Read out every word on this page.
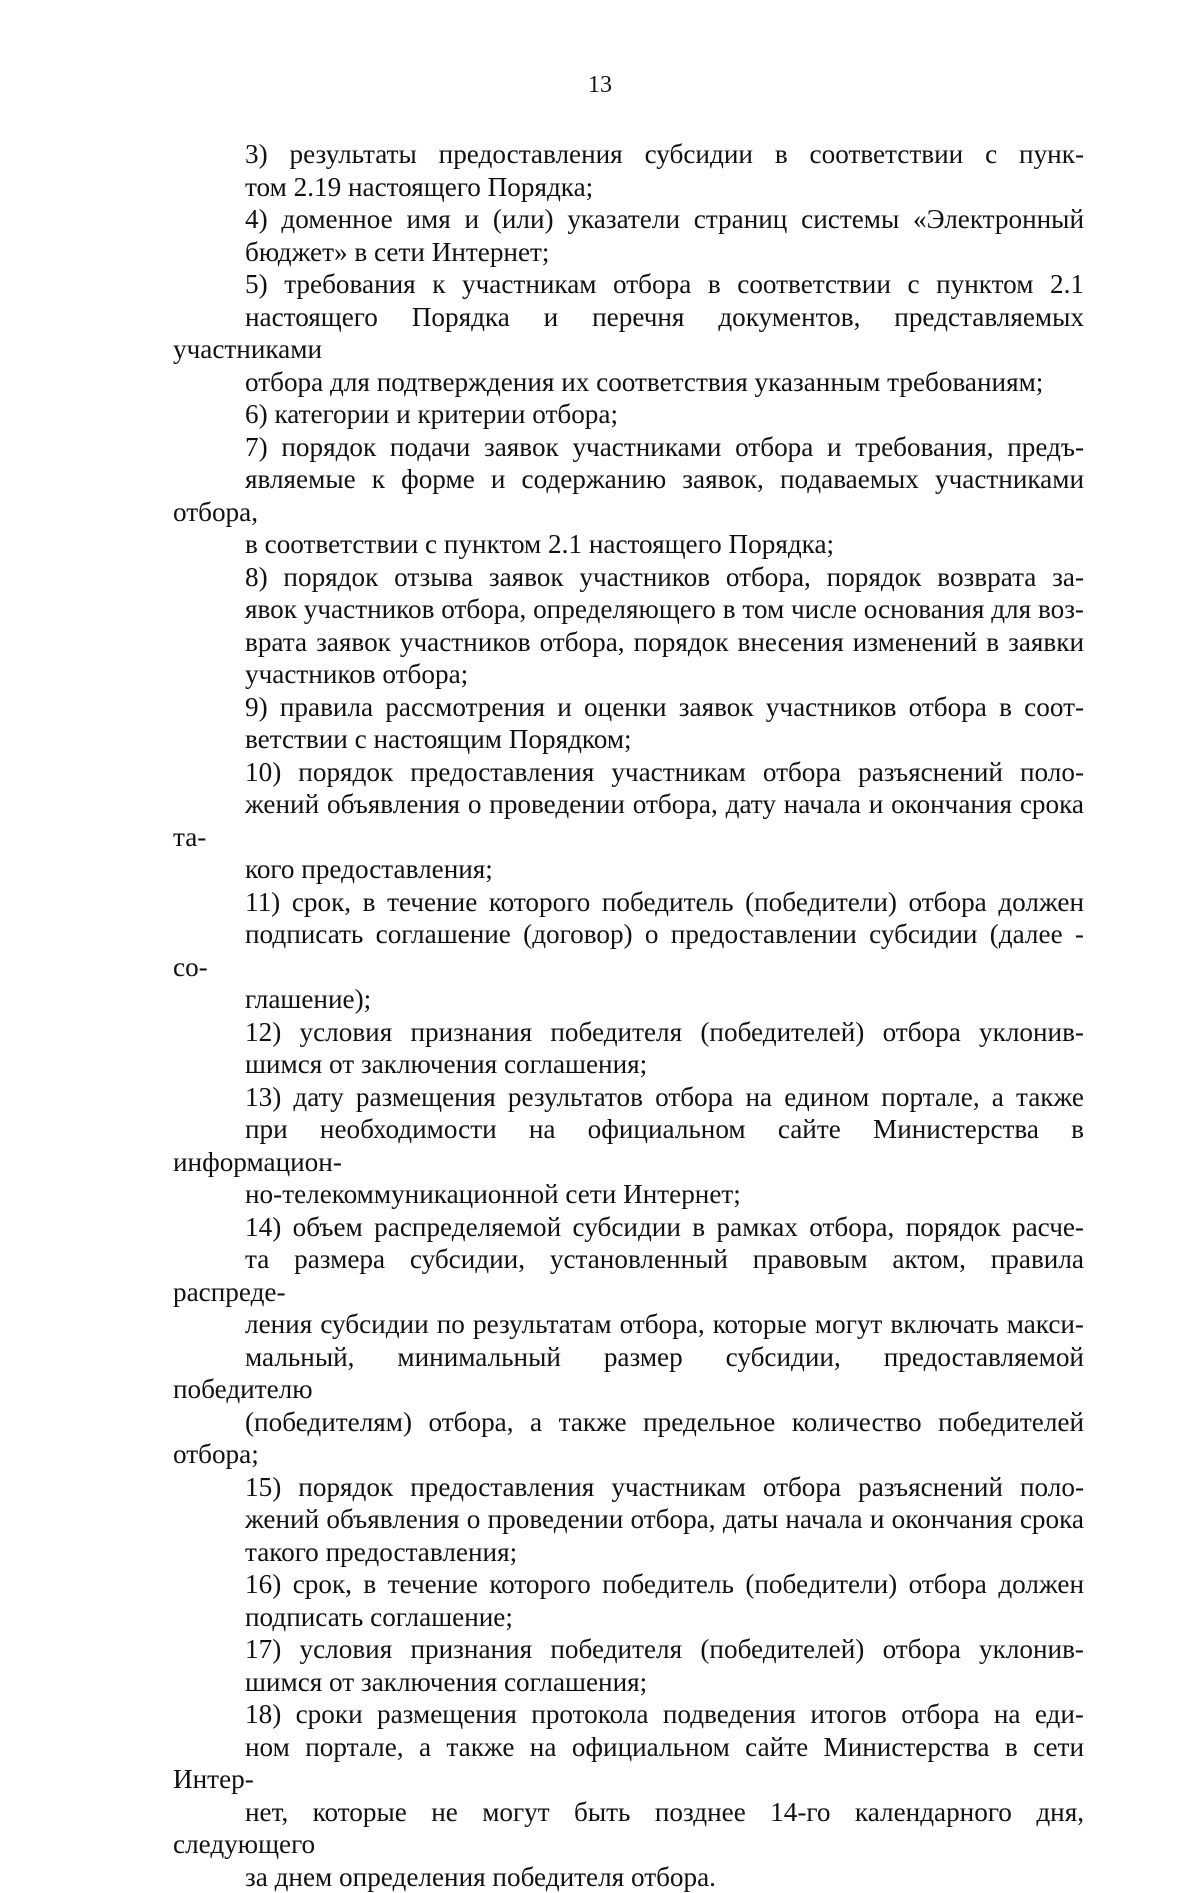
13

3) результаты предоставления субсидии в соответствии с пунк-
том 2.19 настоящего Порядка;

4) доменное имя и (или) указатели страниц системы «Электронный
бюджет» в сети Интернет;

5) требования к участникам отбора в соответствии с пунктом 2.1
настоящего Порядка и перечня документов, представляемых участниками
отбора для подтверждения их соответствия указанным требованиям;

6) категории и критерии отбора;

7) порядок подачи заявок участниками отбора и требования, предъ-
являемые к форме и содержанию заявок, подаваемых участниками отбора,
в соответствии с пунктом 2.1 настоящего Порядка;

8) порядок отзыва заявок участников отбора, порядок возврата за-
явок участников отбора, определяющего в том числе основания для воз-
врата заявок участников отбора, порядок внесения изменений в заявки
участников отбора;

9) правила рассмотрения и оценки заявок участников отбора в соот-
ветствии с настоящим Порядком;

10) порядок предоставления участникам отбора разъяснений поло-
жений объявления о проведении отбора, дату начала и окончания срока та-
кого предоставления;

11) срок, в течение которого победитель (победители) отбора должен
подписать соглашение (договор) о предоставлении субсидии (далее - со-
глашение);

12) условия признания победителя (победителей) отбора уклонив-
шимся от заключения соглашения;

13) дату размещения результатов отбора на едином портале, а также
при необходимости на официальном сайте Министерства в информацион-
но-телекоммуникационной сети Интернет;

14) объем распределяемой субсидии в рамках отбора, порядок расче-
та размера субсидии, установленный правовым актом, правила распреде-
ления субсидии по результатам отбора, которые могут включать макси-
мальный, минимальный размер субсидии, предоставляемой победителю
(победителям) отбора, а также предельное количество победителей отбора;

15) порядок предоставления участникам отбора разъяснений поло-
жений объявления о проведении отбора, даты начала и окончания срока
такого предоставления;

16) срок, в течение которого победитель (победители) отбора должен
подписать соглашение;

17) условия признания победителя (победителей) отбора уклонив-
шимся от заключения соглашения;

18) сроки размещения протокола подведения итогов отбора на еди-
ном портале, а также на официальном сайте Министерства в сети Интер-
нет, которые не могут быть позднее 14-го календарного дня, следующего
за днем определения победителя отбора.
